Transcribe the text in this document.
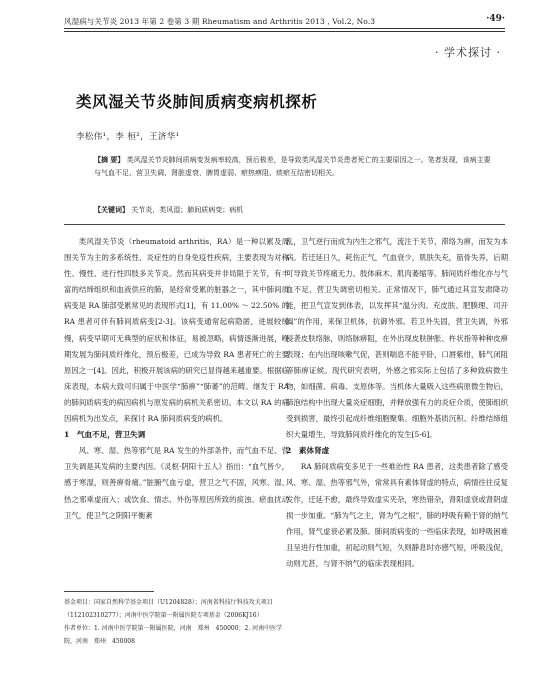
风湿病与关节炎 2013 年第 2 卷第 3 期 Rheumatism and Arthritis 2013 , Vol.2, No.3	·49·
· 学术探讨 ·
类风湿关节炎肺间质病变病机探析
李松伟¹，李 桓²，王济华¹
【摘 要】 类风湿关节炎肺间质病变发病率较高，预后极差，是导致类风湿关节炎患者死亡的主要原因之一。笔者发现，该病主要与气血不足、营卫失调、肾脏虚衰、脾胃虚弱、瘀热痹阻、痰瘀互结密切相关。
【关键词】 关节炎，类风湿；肺间质病变；病机

类风湿关节炎（rheumatoid arthritis，RA）是一种以累及周围关节为主的多系统性、炎症性的自身免疫性疾病，主要表现为对称性、慢性、进行性四肢多关节炎。然而其病变并非局限于关节，有丰富的结缔组织和血液供应的肺，是经常受累的脏器之一，其中肺间质病变是 RA 肺部受累常见的表现形式[1]，有 11.00% ～ 22.50% 的 RA 患者可伴有肺间质病变[2-3]。该病变通常起病隐匿，进展较缓慢，病变早期可无典型的症状和体征，易被忽略，病情逐渐进展，晚期发展为肺间质纤维化，预后极差，已成为导致 RA 患者死亡的主要原因之一[4]。因此，积极开展该病的研究已显得越来越重要。根据临床表现，本病大致可归属于中医学“肺痹”“肺萎”的范畴。继发于 RA 的肺间质病变的病因病机与原发病的病机关系密切。本文以 RA 的病因病机为出发点，来探讨 RA 肺间质病变的病机。

1　气血不足，营卫失调

风、寒、湿、热等邪气是 RA 发生的外部条件，而气血不足、营卫失调是其发病的主要内因。《灵枢·阴阳十五人》指出：“血气皆少，感于寒湿，则善痹骨痛。”脏腑气血亏虚，营卫之气不固，风寒、湿、热之邪乘虚而入；或饮食、情志、外伤等原因所致的痰浊、瘀血扰动卫气，使卫气之阴阳平衡紊

乱，卫气逆行而成为内生之邪气，流注于关节，滞络为痹，而发为本病。若迁延日久，耗伤正气，气血衰少，肌肤失充，筋骨失养，后期可导致关节疼痛无力、肢体麻木、肌肉萎缩等。肺间质纤维化亦与气血不足、营卫失调密切相关。正常情况下，肺气通过其宣发肃降功能，把卫气宣发到体表，以发挥其“温分肉、充皮肤、肥腠理、司开阖”的作用，来保卫机体，抗御外邪。若卫外失固，营卫失调，外邪侵袭皮肤络脉，则络脉痹阻，在外出现皮肤肿胀、杵状指等种种皮痹表现；在内出现咳嗽气促，甚则喘息不能平卧，口唇紫绀，肺气闭阻等肺痹证候。现代研究表明，外感之邪实际上包括了多种致病微生物，如细菌、病毒、支原体等。当机体大量吸入这些病原微生物后，肺泡结构中出现大量炎症细胞，并释放强有力的炎症介质，使肺组织受到损害，最终引起成纤维细胞聚集、细胞外基质沉积、纤维结缔组织大量增生，导致肺间质纤维化的发生[5-6]。

2　素体肾虚

RA 肺间质病变多见于一些难治性 RA 患者，这类患者除了感受风、寒、湿、热等邪气外，常常具有素体肾虚的特点，病情往往反复发作，迁延不愈，最终导致虚实夹杂，寒热错杂，肾阳虚衰或肾阴虚损一步加重。“肺为气之主，肾为气之根”，肺的呼吸有赖于肾的纳气作用，肾气虚衰必累及肺。肺间质病变的一些临床表现，如呼吸困难且呈进行性加重，初起动则气短，久则静息时亦感气短，呼吸浅促，动则尤甚，与肾不纳气的临床表现相同。

基金项目：国家自然科学基金项目（U1204828）；河南省科技厅科技攻关项目（112102310277）；河南中医学院第一附属医院专项基金（2006KJ16）

作者单位：1. 河南中医学院第一附属医院，河南　郑州　450000；2. 河南中医学院，河南　郑州　450008
